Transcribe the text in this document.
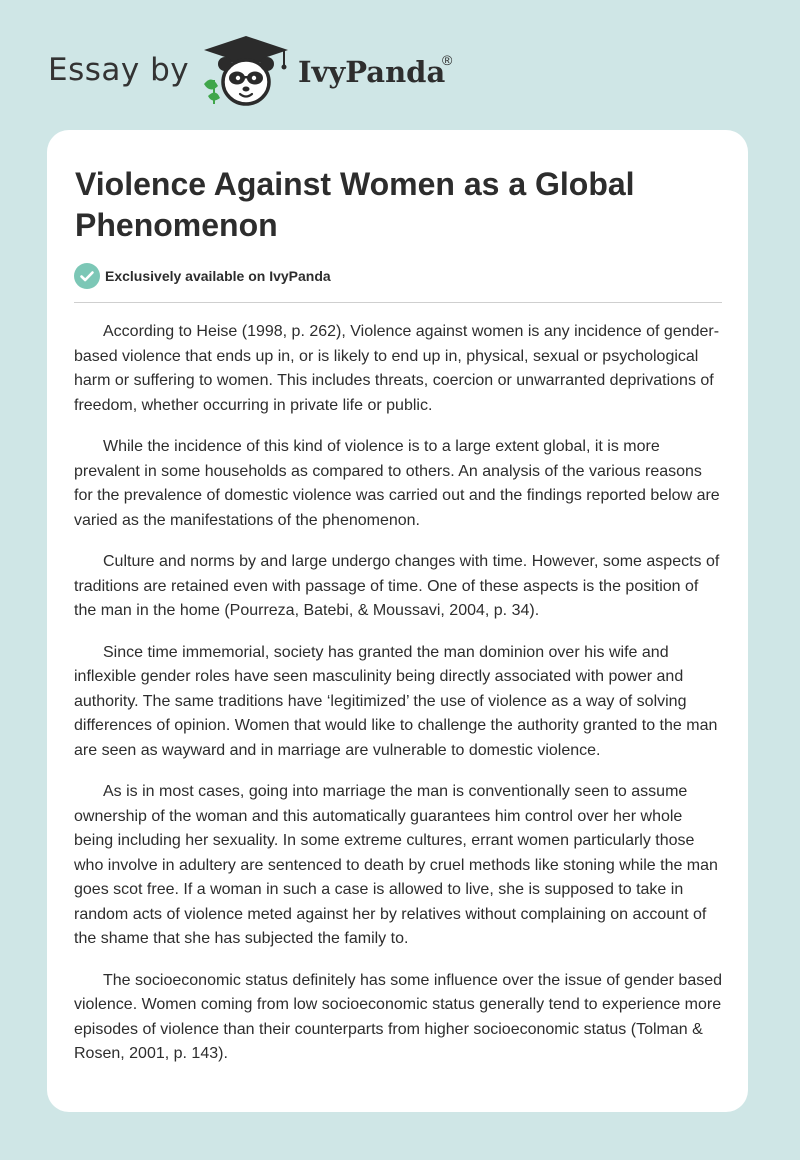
Essay by	IvyPanda
®
Violence Against Women as a Global Phenomenon
Exclusively available on IvyPanda

According to Heise (1998, p. 262), Violence against women is any incidence of gender-based violence that ends up in, or is likely to end up in, physical, sexual or psychological harm or suffering to women. This includes threats, coercion or unwarranted deprivations of freedom, whether occurring in private life or public.

While the incidence of this kind of violence is to a large extent global, it is more prevalent in some households as compared to others. An analysis of the various reasons for the prevalence of domestic violence was carried out and the findings reported below are varied as the manifestations of the phenomenon.

Culture and norms by and large undergo changes with time. However, some aspects of traditions are retained even with passage of time. One of these aspects is the position of the man in the home (Pourreza, Batebi, & Moussavi, 2004, p. 34).

Since time immemorial, society has granted the man dominion over his wife and inflexible gender roles have seen masculinity being directly associated with power and authority. The same traditions have ‘legitimized’ the use of violence as a way of solving differences of opinion. Women that would like to challenge the authority granted to the man are seen as wayward and in marriage are vulnerable to domestic violence.

As is in most cases, going into marriage the man is conventionally seen to assume ownership of the woman and this automatically guarantees him control over her whole being including her sexuality. In some extreme cultures, errant women particularly those who involve in adultery are sentenced to death by cruel methods like stoning while the man goes scot free. If a woman in such a case is allowed to live, she is supposed to take in random acts of violence meted against her by relatives without complaining on account of the shame that she has subjected the family to.

The socioeconomic status definitely has some influence over the issue of gender based violence. Women coming from low socioeconomic status generally tend to experience more episodes of violence than their counterparts from higher socioeconomic status (Tolman & Rosen, 2001, p. 143).
